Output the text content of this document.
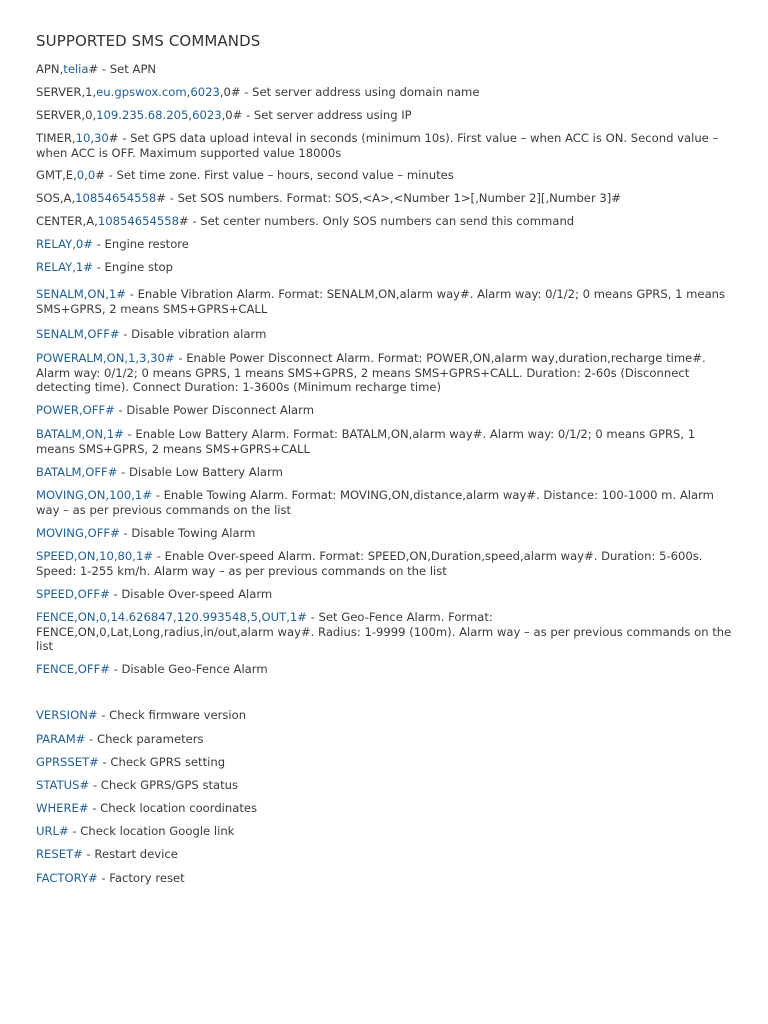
SUPPORTED SMS COMMANDS
APN,telia# - Set APN
SERVER,1,eu.gpswox.com,6023,0# - Set server address using domain name
SERVER,0,109.235.68.205,6023,0# - Set server address using IP
TIMER,10,30# - Set GPS data upload inteval in seconds (minimum 10s). First value – when ACC is ON. Second value – when ACC is OFF. Maximum supported value 18000s
GMT,E,0,0# - Set time zone. First value – hours, second value – minutes
SOS,A,10854654558# - Set SOS numbers. Format: SOS,<A>,<Number 1>[,Number 2][,Number 3]#
CENTER,A,10854654558# - Set center numbers. Only SOS numbers can send this command
RELAY,0# - Engine restore
RELAY,1# - Engine stop
SENALM,ON,1# - Enable Vibration Alarm. Format: SENALM,ON,alarm way#. Alarm way: 0/1/2; 0 means GPRS, 1 means SMS+GPRS, 2 means SMS+GPRS+CALL
SENALM,OFF# - Disable vibration alarm
POWERALM,ON,1,3,30# - Enable Power Disconnect Alarm. Format: POWER,ON,alarm way,duration,recharge time#. Alarm way: 0/1/2; 0 means GPRS, 1 means SMS+GPRS, 2 means SMS+GPRS+CALL. Duration: 2-60s (Disconnect detecting time). Connect Duration: 1-3600s (Minimum recharge time)
POWER,OFF# - Disable Power Disconnect Alarm
BATALM,ON,1# - Enable Low Battery Alarm. Format: BATALM,ON,alarm way#. Alarm way: 0/1/2; 0 means GPRS, 1 means SMS+GPRS, 2 means SMS+GPRS+CALL
BATALM,OFF# - Disable Low Battery Alarm
MOVING,ON,100,1# - Enable Towing Alarm. Format: MOVING,ON,distance,alarm way#. Distance: 100-1000 m. Alarm way – as per previous commands on the list
MOVING,OFF# - Disable Towing Alarm
SPEED,ON,10,80,1# - Enable Over-speed Alarm. Format: SPEED,ON,Duration,speed,alarm way#. Duration: 5-600s. Speed: 1-255 km/h. Alarm way – as per previous commands on the list
SPEED,OFF# - Disable Over-speed Alarm
FENCE,ON,0,14.626847,120.993548,5,OUT,1# - Set Geo-Fence Alarm. Format: FENCE,ON,0,Lat,Long,radius,in/out,alarm way#. Radius: 1-9999 (100m). Alarm way – as per previous commands on the list
FENCE,OFF# - Disable Geo-Fence Alarm
VERSION# - Check firmware version
PARAM# - Check parameters
GPRSSET# - Check GPRS setting
STATUS# - Check GPRS/GPS status
WHERE# - Check location coordinates
URL# - Check location Google link
RESET# - Restart device
FACTORY# - Factory reset
